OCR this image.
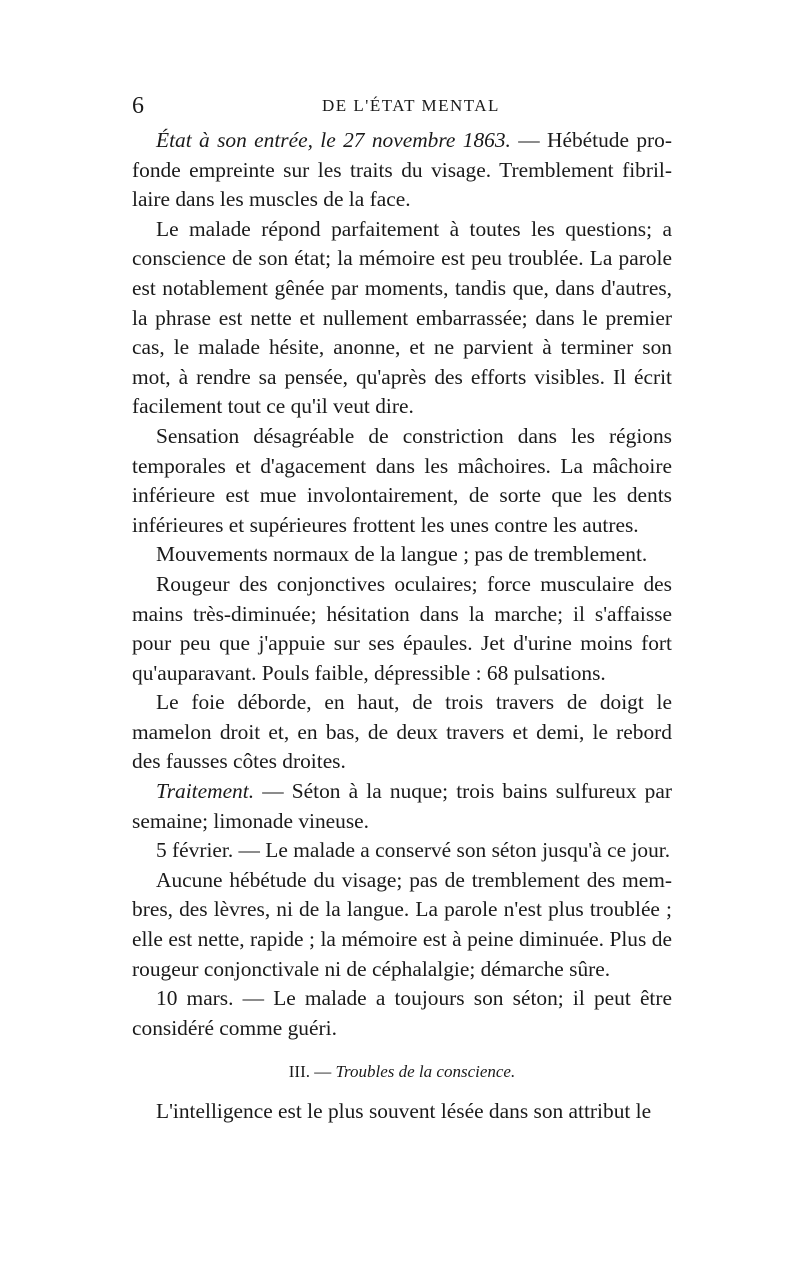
6	DE L'ÉTAT MENTAL

État à son entrée, le 27 novembre 1863. — Hébétude profonde empreinte sur les traits du visage. Tremblement fibrillaire dans les muscles de la face.

Le malade répond parfaitement à toutes les questions; a conscience de son état; la mémoire est peu troublée. La parole est notablement gênée par moments, tandis que, dans d'autres, la phrase est nette et nullement embarrassée; dans le premier cas, le malade hésite, anonne, et ne parvient à terminer son mot, à rendre sa pensée, qu'après des efforts visibles. Il écrit facilement tout ce qu'il veut dire.

Sensation désagréable de constriction dans les régions temporales et d'agacement dans les mâchoires. La mâchoire inférieure est mue involontairement, de sorte que les dents inférieures et supérieures frottent les unes contre les autres.

Mouvements normaux de la langue ; pas de tremblement.

Rougeur des conjonctives oculaires; force musculaire des mains très-diminuée; hésitation dans la marche; il s'affaisse pour peu que j'appuie sur ses épaules. Jet d'urine moins fort qu'auparavant. Pouls faible, dépressible : 68 pulsations.

Le foie déborde, en haut, de trois travers de doigt le mamelon droit et, en bas, de deux travers et demi, le rebord des fausses côtes droites.

Traitement. — Séton à la nuque; trois bains sulfureux par semaine; limonade vineuse.

5 février. — Le malade a conservé son séton jusqu'à ce jour.

Aucune hébétude du visage; pas de tremblement des membres, des lèvres, ni de la langue. La parole n'est plus troublée ; elle est nette, rapide ; la mémoire est à peine diminuée. Plus de rougeur conjonctivale ni de céphalalgie; démarche sûre.

10 mars. — Le malade a toujours son séton; il peut être considéré comme guéri.

III. — Troubles de la conscience.

L'intelligence est le plus souvent lésée dans son attribut le
